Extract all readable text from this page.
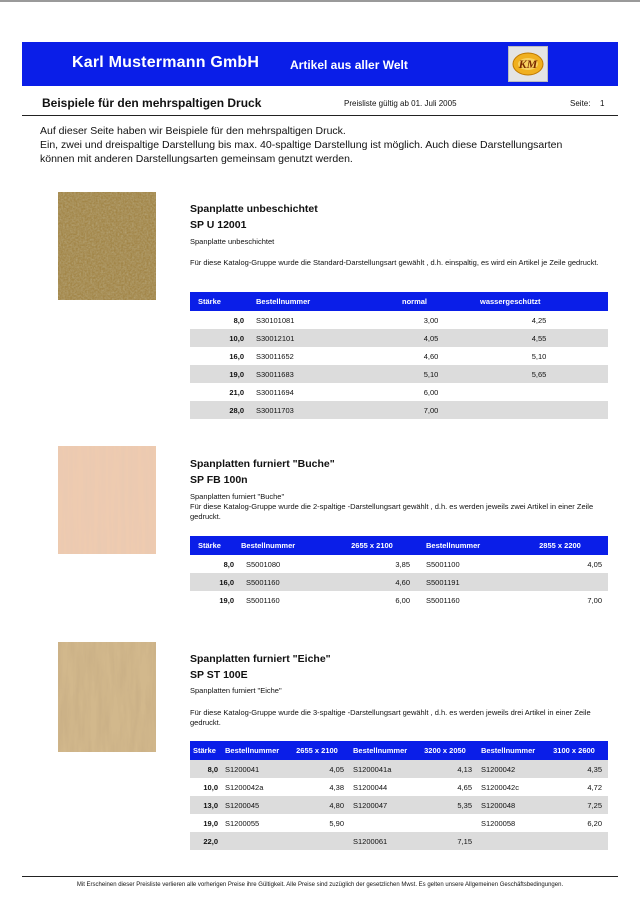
Karl Mustermann GmbH	Artikel aus aller Welt	KM
Beispiele für den mehrspaltigen Druck	Preisliste gültig ab 01. Juli 2005	Seite: 1
Auf dieser Seite haben wir Beispiele für den mehrspaltigen Druck.
Ein, zwei und dreispaltige Darstellung bis max. 40-spaltige Darstellung ist möglich. Auch diese Darstellungsarten
können mit anderen Darstellungsarten gemeinsam genutzt werden.
Spanplatte unbeschichtet
SP U 12001
Spanplatte unbeschichtet
Für diese Katalog-Gruppe wurde die Standard-Darstellungsart gewählt , d.h. einspaltig, es wird ein Artikel je Zeile gedruckt.
Stärke	Bestellnummer	normal	wassergeschützt
8,0	S30101081	3,00	4,25
10,0	S30012101	4,05	4,55
16,0	S30011652	4,60	5,10
19,0	S30011683	5,10	5,65
21,0	S30011694	6,00	
28,0	S30011703	7,00	
Spanplatten furniert "Buche"
SP FB 100n
Spanplatten furniert "Buche"
Für diese Katalog-Gruppe wurde die 2-spaltige -Darstellungsart gewählt , d.h. es werden jeweils zwei Artikel in einer Zeile gedruckt.
Stärke	Bestellnummer	2655 x 2100	Bestellnummer	2855 x 2200
8,0	S5001080	3,85	S5001100	4,05
16,0	S5001160	4,60	S5001191	
19,0	S5001160	6,00	S5001160	7,00
Spanplatten furniert "Eiche"
SP ST 100E
Spanplatten furniert "Eiche"
Für diese Katalog-Gruppe wurde die 3-spaltige -Darstellungsart gewählt , d.h. es werden jeweils drei Artikel in einer Zeile gedruckt.
Stärke	Bestellnummer	2655 x 2100	Bestellnummer	3200 x 2050	Bestellnummer	3100 x 2600
8,0	S1200041	4,05	S1200041a	4,13	S1200042	4,35
10,0	S1200042a	4,38	S1200044	4,65	S1200042c	4,72
13,0	S1200045	4,80	S1200047	5,35	S1200048	7,25
19,0	S1200055	5,90			S1200058	6,20
22,0			S1200061	7,15		
Mit Erscheinen dieser Preisliste verlieren alle vorherigen Preise ihre Gültigkeit. Alle Preise sind zuzüglich der gesetzlichen Mwst. Es gelten unsere Allgemeinen Geschäftsbedingungen.
